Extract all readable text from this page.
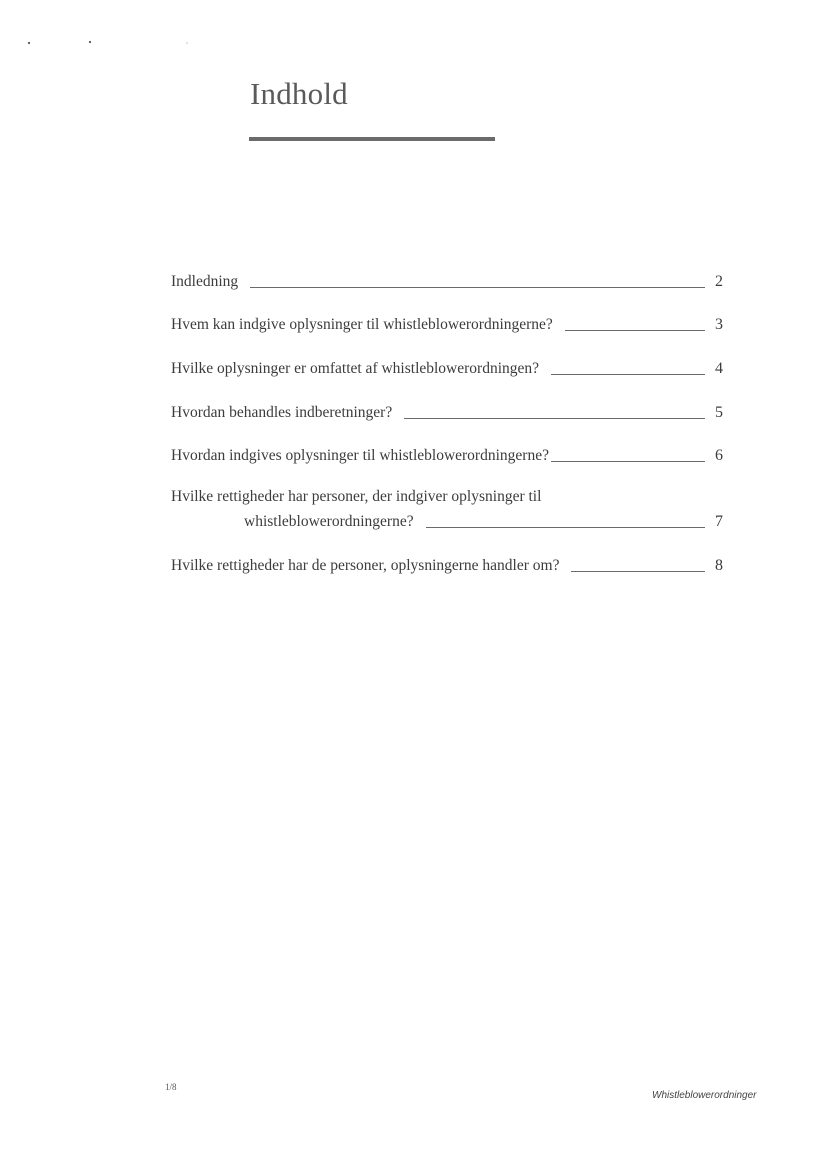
Indhold
Indledning	2
Hvem kan indgive oplysninger til whistleblowerordningerne?	3
Hvilke oplysninger er omfattet af whistleblowerordningen?	4
Hvordan behandles indberetninger?	5
Hvordan indgives oplysninger til whistleblowerordningerne?	6
Hvilke rettigheder har personer, der indgiver oplysninger til
whistleblowerordningerne?	7
Hvilke rettigheder har de personer, oplysningerne handler om?	8
1/8
Whistleblowerordninger
